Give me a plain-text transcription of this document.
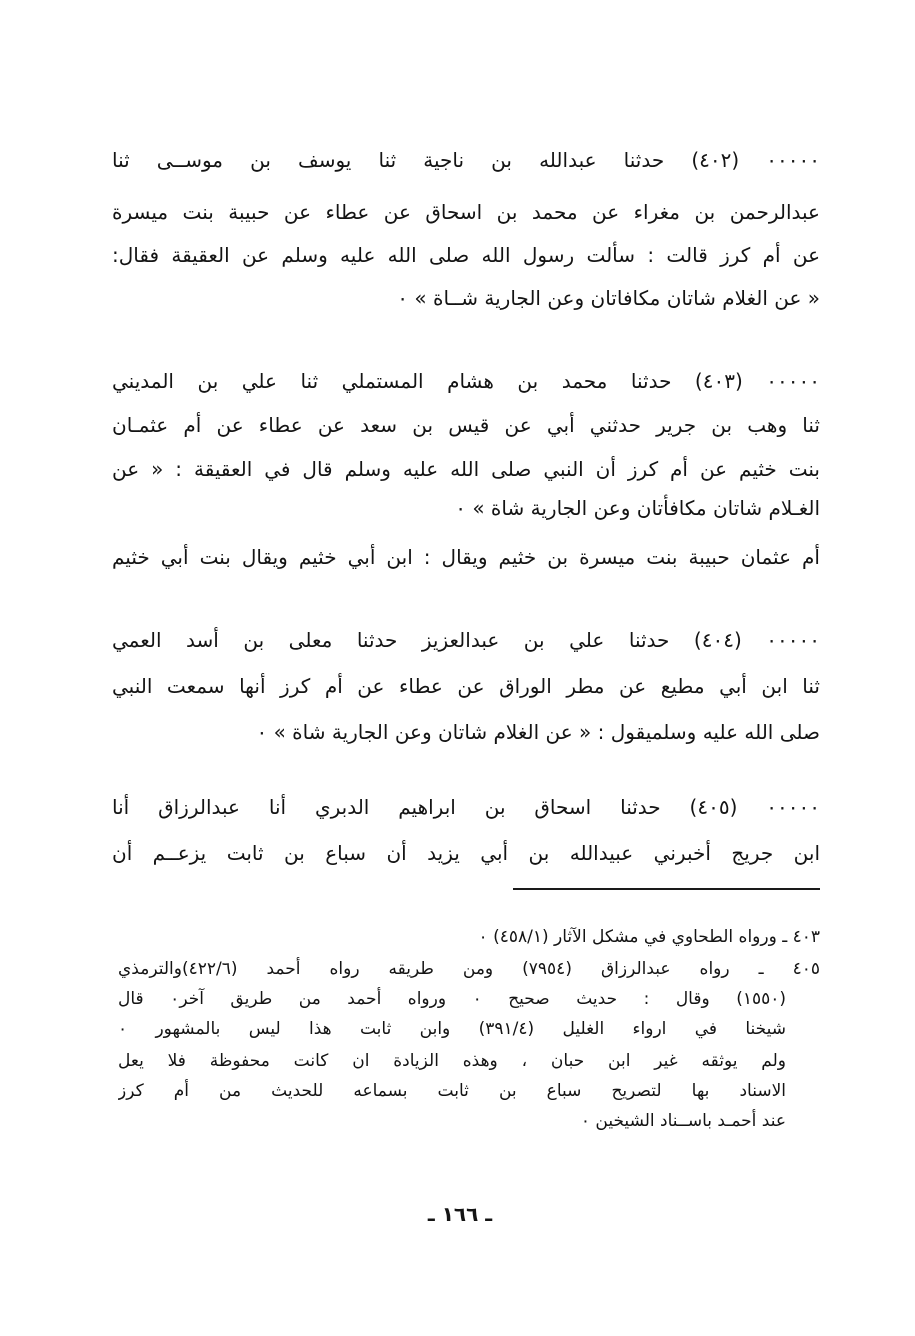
٠٠٠٠٠ (٤٠٢) حدثنا عبدالله بن ناجية ثنا يوسف بن موســى ثنا
عبدالرحمن بن مغراء عن محمد بن اسحاق عن عطاء عن حبيبة بنت ميسرة
عن أم كرز قالت : سألت رسول الله صلى الله عليه وسلم عن العقيقة فقال:
« عن الغلام شاتان مكافاتان وعن الجارية شــاة » ٠
٠٠٠٠٠ (٤٠٣) حدثنا محمد بن هشام المستملي ثنا علي بن المديني
ثنا وهب بن جرير حدثني أبي عن قيس بن سعد عن عطاء عن أم عثمـان
بنت خثيم عن أم كرز أن النبي صلى الله عليه وسلم قال في العقيقة : « عن
الغـلام شاتان مكافأتان وعن الجارية شاة » ٠
أم عثمان حبيبة بنت ميسرة بن خثيم ويقال : ابن أبي خثيم ويقال بنت أبي خثيم
٠٠٠٠٠ (٤٠٤) حدثنا علي بن عبدالعزيز حدثنا معلى بن أسد العمي
ثنا ابن أبي مطيع عن مطر الوراق عن عطاء عن أم كرز أنها سمعت النبي
صلى الله عليه وسلميقول : « عن الغلام شاتان وعن الجارية شاة » ٠
٠٠٠٠٠ (٤٠٥) حدثنا اسحاق بن ابراهيم الدبري أنا عبدالرزاق أنا
ابن جريج أخبرني عبيدالله بن أبي يزيد أن سباع بن ثابت يزعــم أن
٤٠٣ ـ ورواه الطحاوي في مشكل الآثار (٤٥٨/١) ٠
٤٠٥ ـ رواه عبدالرزاق (٧٩٥٤) ومن طريقه رواه أحمد (٤٢٢/٦)والترمذي
(١٥٥٠) وقال : حديث صحيح ٠ ورواه أحمد من طريق آخر٠ قال
شيخنا في ارواء الغليل (٣٩١/٤) وابن ثابت هذا ليس بالمشهور ٠
ولم يوثقه غير ابن حبان ، وهذه الزيادة ان كانت محفوظة فلا يعل
الاسناد بها لتصريح سباع بن ثابت بسماعه للحديث من أم كرز
عند أحمـد باســناد الشيخين ٠
ـ ١٦٦ ـ
